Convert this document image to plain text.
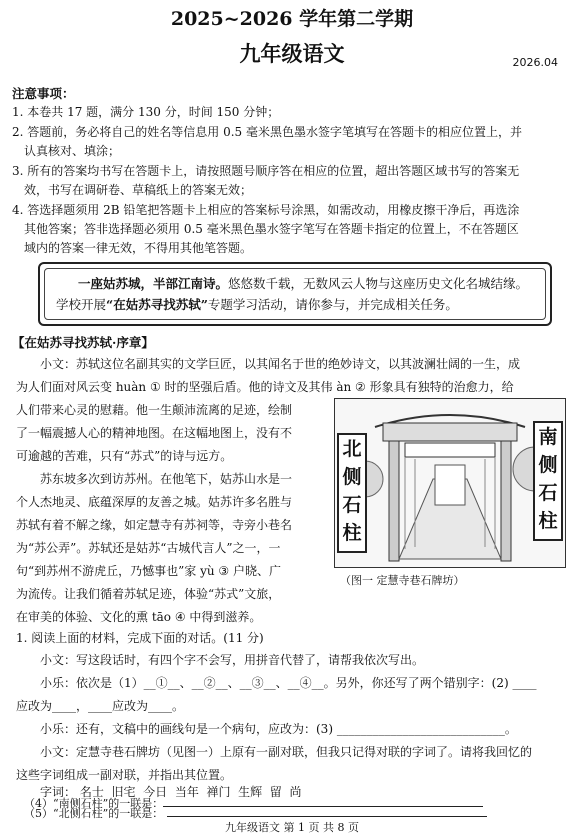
2025~2026 学年第二学期
九年级语文	2026.04
注意事项：
1. 本卷共 17 题，满分 130 分，时间 150 分钟；
2. 答题前，务必将自己的姓名等信息用 0.5 毫米黑色墨水签字笔填写在答题卡的相应位置上，并
认真核对、填涂；
3. 所有的答案均书写在答题卡上，请按照题号顺序答在相应的位置，超出答题区域书写的答案无
效，书写在调研卷、草稿纸上的答案无效；
4. 答选择题须用 2B 铅笔把答题卡上相应的答案标号涂黑，如需改动，用橡皮擦干净后，再选涂
其他答案；答非选择题必须用 0.5 毫米黑色墨水签字笔写在答题卡指定的位置上，不在答题区
域内的答案一律无效，不得用其他笔答题。
一座姑苏城，半部江南诗。悠悠数千载，无数风云人物与这座历史文化名城结缘。
学校开展“在姑苏寻找苏轼”专题学习活动，请你参与，并完成相关任务。
【在姑苏寻找苏轼·序章】
小文：苏轼这位名副其实的文学巨匠，以其闻名于世的绝妙诗文，以其波澜壮阔的一生，成
为人们面对风云变 huàn ① 时的坚强后盾。他的诗文及其伟 àn ② 形象具有独特的治愈力，给
人们带来心灵的慰藉。他一生颠沛流离的足迹，绘制
了一幅震撼人心的精神地图。在这幅地图上，没有不
可逾越的苦难，只有“苏式”的诗与远方。
苏东坡多次到访苏州。在他笔下，姑苏山水是一
个人杰地灵、底蕴深厚的友善之城。姑苏许多名胜与
苏轼有着不解之缘，如定慧寺有苏祠等，寺旁小巷名
为“苏公弄”。苏轼还是姑苏“古城代言人”之一，一
句“到苏州不游虎丘，乃憾事也”家 yù ③ 户晓、广
为流传。让我们循着苏轼足迹，体验“苏式”文旅，
在审美的体验、文化的熏 tāo ④ 中得到滋养。
北侧石柱
南侧石柱
（图一 定慧寺巷石牌坊）
1. 阅读上面的材料，完成下面的对话。(11 分)
小文：写这段话时，有四个字不会写，用拼音代替了，请帮我依次写出。
小乐：依次是（1）__①__、__②__、__③__、__④__。另外，你还写了两个错别字：(2) ____
应改为____，____应改为____。
小乐：还有，文稿中的画线句是一个病句，应改为：(3) ____________________________。
小文：定慧寺巷石牌坊（见图一）上原有一副对联，但我只记得对联的字词了。请将我回忆的
这些字词组成一副对联，并指出其位置。
字词： 名士 旧宅 今日 当年 禅门 生辉 留 尚
（4）“南侧石柱”的一联是：
九年级语文 第 1 页 共 8 页
（5）“北侧石柱”的一联是：
